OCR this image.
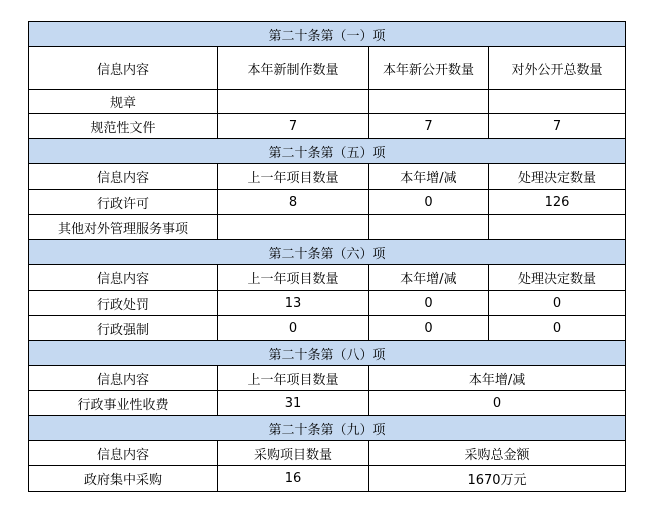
第二十条第（一）项			
信息内容	本年新制作数量	本年新公开数量	对外公开总数量
规章			
规范性文件	7	7	7
第二十条第（五）项			
信息内容	上一年项目数量	本年增/减	处理决定数量
行政许可	8	0	126
其他对外管理服务事项			
第二十条第（六）项			
信息内容	上一年项目数量	本年增/减	处理决定数量
行政处罚	13	0	0
行政强制	0	0	0
第二十条第（八）项			
信息内容	上一年项目数量	本年增/减	
行政事业性收费	31	0	
第二十条第（九）项			
信息内容	采购项目数量	采购总金额	
政府集中采购	16	1670万元	
